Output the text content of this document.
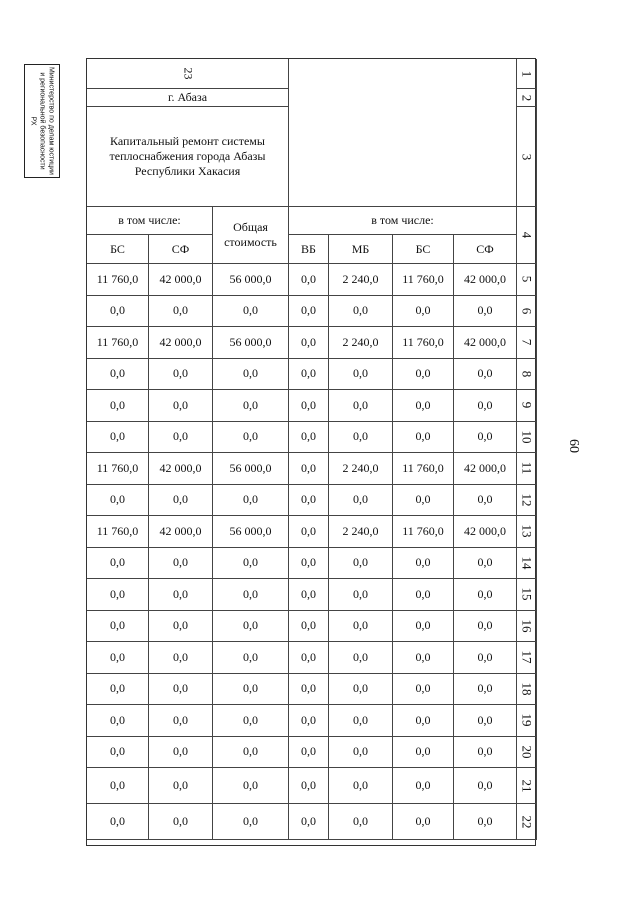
Министерство по делам юстиции и региональной безопасности РХ
60
23
г. Абаза
Капитальный ремонт системы теплоснабжения города Абазы Республики Хакасия
в том числе:	Общая стоимость
в том числе:
БС	СФ	ВБ	МБ	БС	СФ
1
2
3
4
11 760,0	42 000,0	56 000,0	0,0	2 240,0	11 760,0	42 000,0	5
0,0	0,0	0,0	0,0	0,0	0,0	0,0	6
11 760,0	42 000,0	56 000,0	0,0	2 240,0	11 760,0	42 000,0	7
0,0	0,0	0,0	0,0	0,0	0,0	0,0	8
0,0	0,0	0,0	0,0	0,0	0,0	0,0	9
0,0	0,0	0,0	0,0	0,0	0,0	0,0	10
11 760,0	42 000,0	56 000,0	0,0	2 240,0	11 760,0	42 000,0	11
0,0	0,0	0,0	0,0	0,0	0,0	0,0	12
11 760,0	42 000,0	56 000,0	0,0	2 240,0	11 760,0	42 000,0	13
0,0	0,0	0,0	0,0	0,0	0,0	0,0	14
0,0	0,0	0,0	0,0	0,0	0,0	0,0	15
0,0	0,0	0,0	0,0	0,0	0,0	0,0	16
0,0	0,0	0,0	0,0	0,0	0,0	0,0	17
0,0	0,0	0,0	0,0	0,0	0,0	0,0	18
0,0	0,0	0,0	0,0	0,0	0,0	0,0	19
0,0	0,0	0,0	0,0	0,0	0,0	0,0	20
0,0	0,0	0,0	0,0	0,0	0,0	0,0	21
0,0	0,0	0,0	0,0	0,0	0,0	0,0	22
